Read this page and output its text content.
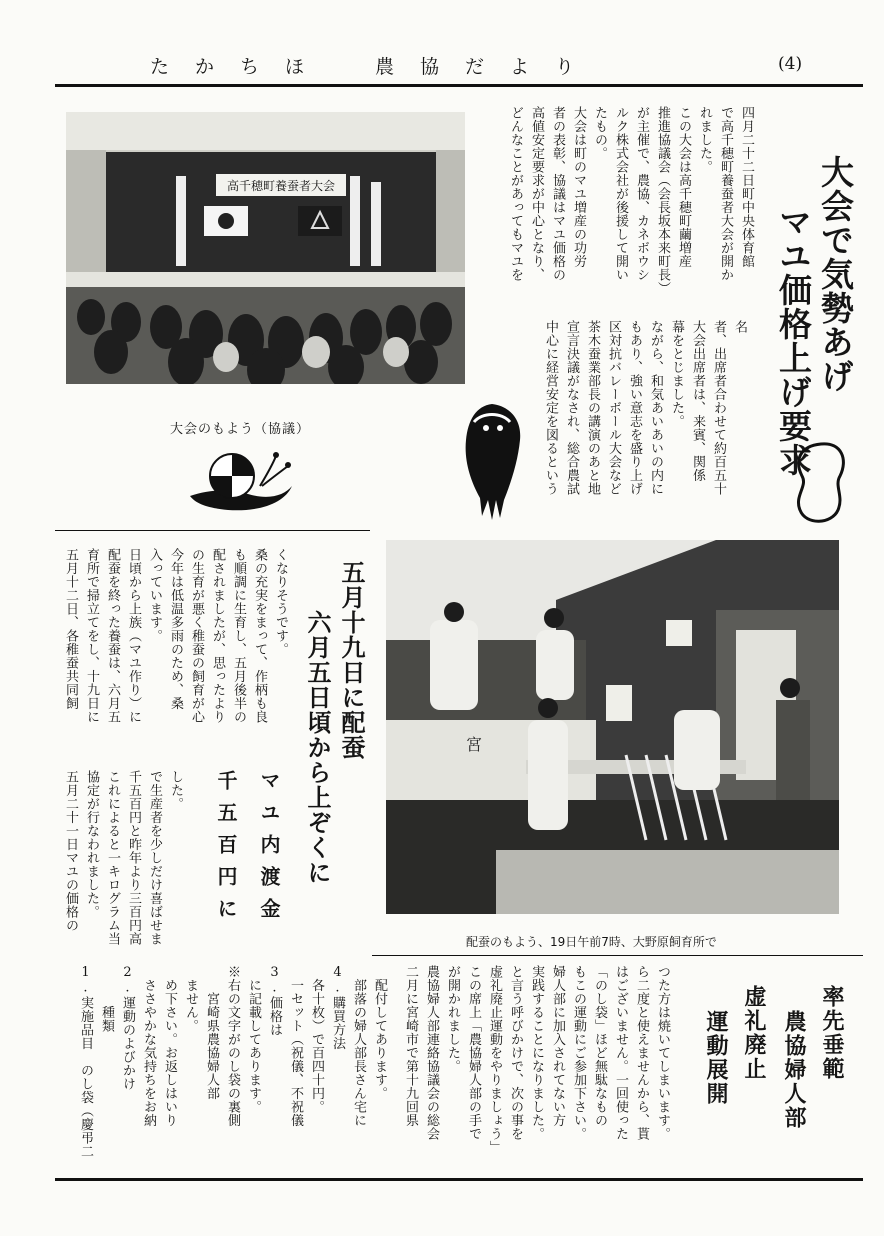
たかちほ　農協だより	(4)
大会で気勢あげ
マユ価格上げ要求
四月二十二日町中央体育館
で高千穂町養蚕者大会が開か
れました。
この大会は高千穂町繭増産
推進協議会（会長坂本来町長）
が主催で、農協、カネボウシ
ルク株式会社が後援して開い
たもの。
大会は町のマユ増産の功労
者の表彰、協議はマユ価格の
高値安定要求が中心となり、
どんなことがあってもマユを
名
者、出席者合わせて約百五十
大会出席者は、来賓、関係
幕をとじました。
ながら、和気あいあいの内に
もあり、強い意志を盛り上げ
区対抗バレーボール大会など
茶木蚕業部長の講演のあと地
宣言決議がなされ、総合農試
中心に経営安定を図るという
高千穂町養蚕者大会
大会のもよう（協議）
五月十九日に配蚕
六月五日頃から上ぞくに
くなりそうです。
桑の充実をまって、作柄も良
も順調に生育し、五月後半の
配されましたが、思ったより
の生育が悪く稚蚕の飼育が心
今年は低温多雨のため、桑
入っています。
日頃から上族（マユ作り）に
配蚕を終った養蚕は、六月五
育所で掃立てをし、十九日に
五月十二日、各稚蚕共同飼
マユ内渡金
千五百円に
した。
で生産者を少しだけ喜ばせま
千五百円と昨年より三百円高
これによると一キログラム当
協定が行なわれました。
五月二十一日マユの価格の
宮
配蚕のもよう、19日午前7時、大野原飼育所で
率先垂範
農協婦人部
虚礼廃止
運動展開
つた方は焼いてしまいます。
ら二度と使えませんから、貰
はございません。一回使った
「のし袋」ほど無駄なもの
もこの運動にご参加下さい。
婦人部に加入されてない方
実践することになりました。
と言う呼びかけで、次の事を
虚礼廃止運動をやりましょう」
この席上「農協婦人部の手で
が開かれました。
農協婦人部連絡協議会の総会
二月に宮崎市で第十九回県
　配付してあります。
　部落の婦人部長さん宅に
4.購買方法
　各十枚）で百四十円。
　一セット（祝儀、不祝儀
3.価格は
　に記載してあります。
※右の文字がのし袋の裏側
　　宮崎県農協婦人部
　ません。
　め下さい。お返しはいり
　ささやかな気持ちをお納
2.運動のよびかけ
　　　種類
1.実施品目　のし袋（慶弔二
